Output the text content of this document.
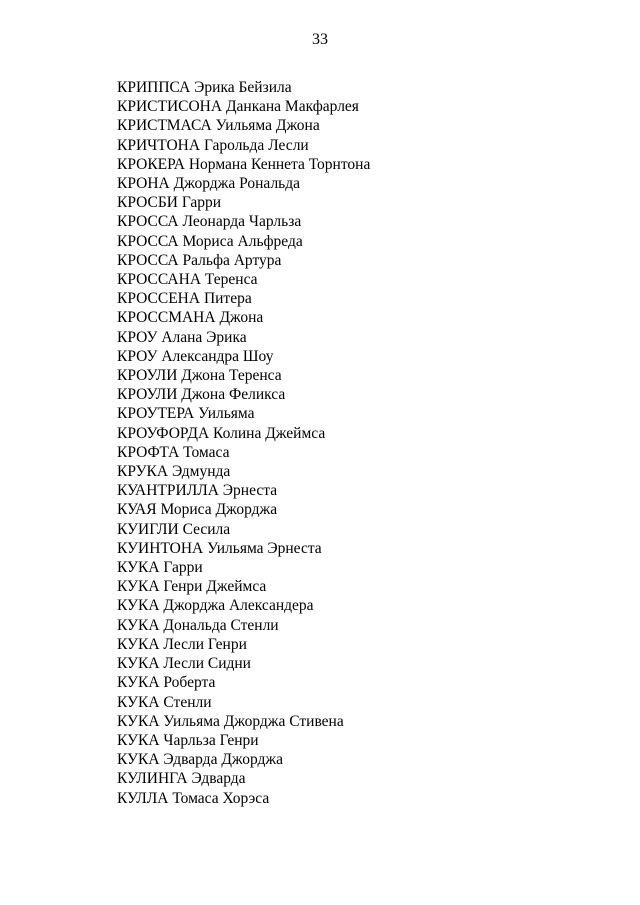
33
КРИППСА Эрика Бейзила
КРИСТИСОНА Данкана Макфарлея
КРИСТМАСА Уильяма Джона
КРИЧТОНА Гарольда Лесли
КРОКЕРА Нормана Кеннета Торнтона
КРОНА Джорджа Рональда
КРОСБИ Гарри
КРОССА Леонарда Чарльза
КРОССА Мориса Альфреда
КРОССА Ральфа Артура
КРОССАНА Теренса
КРОССЕНА Питера
КРОССМАНА Джона
КРОУ Алана Эрика
КРОУ Александра Шоу
КРОУЛИ Джона Теренса
КРОУЛИ Джона Феликса
КРОУТЕРА Уильяма
КРОУФОРДА Колина Джеймса
КРОФТА Томаса
КРУКА Эдмунда
КУАНТРИЛЛА Эрнеста
КУАЯ Мориса Джорджа
КУИГЛИ Сесила
КУИНТОНА Уильяма Эрнеста
КУКА Гарри
КУКА Генри Джеймса
КУКА Джорджа Александера
КУКА Дональда Стенли
КУКА Лесли Генри
КУКА Лесли Сидни
КУКА Роберта
КУКА Стенли
КУКА Уильяма Джорджа Стивена
КУКА Чарльза Генри
КУКА Эдварда Джорджа
КУЛИНГА Эдварда
КУЛЛА Томаса Хорэса
